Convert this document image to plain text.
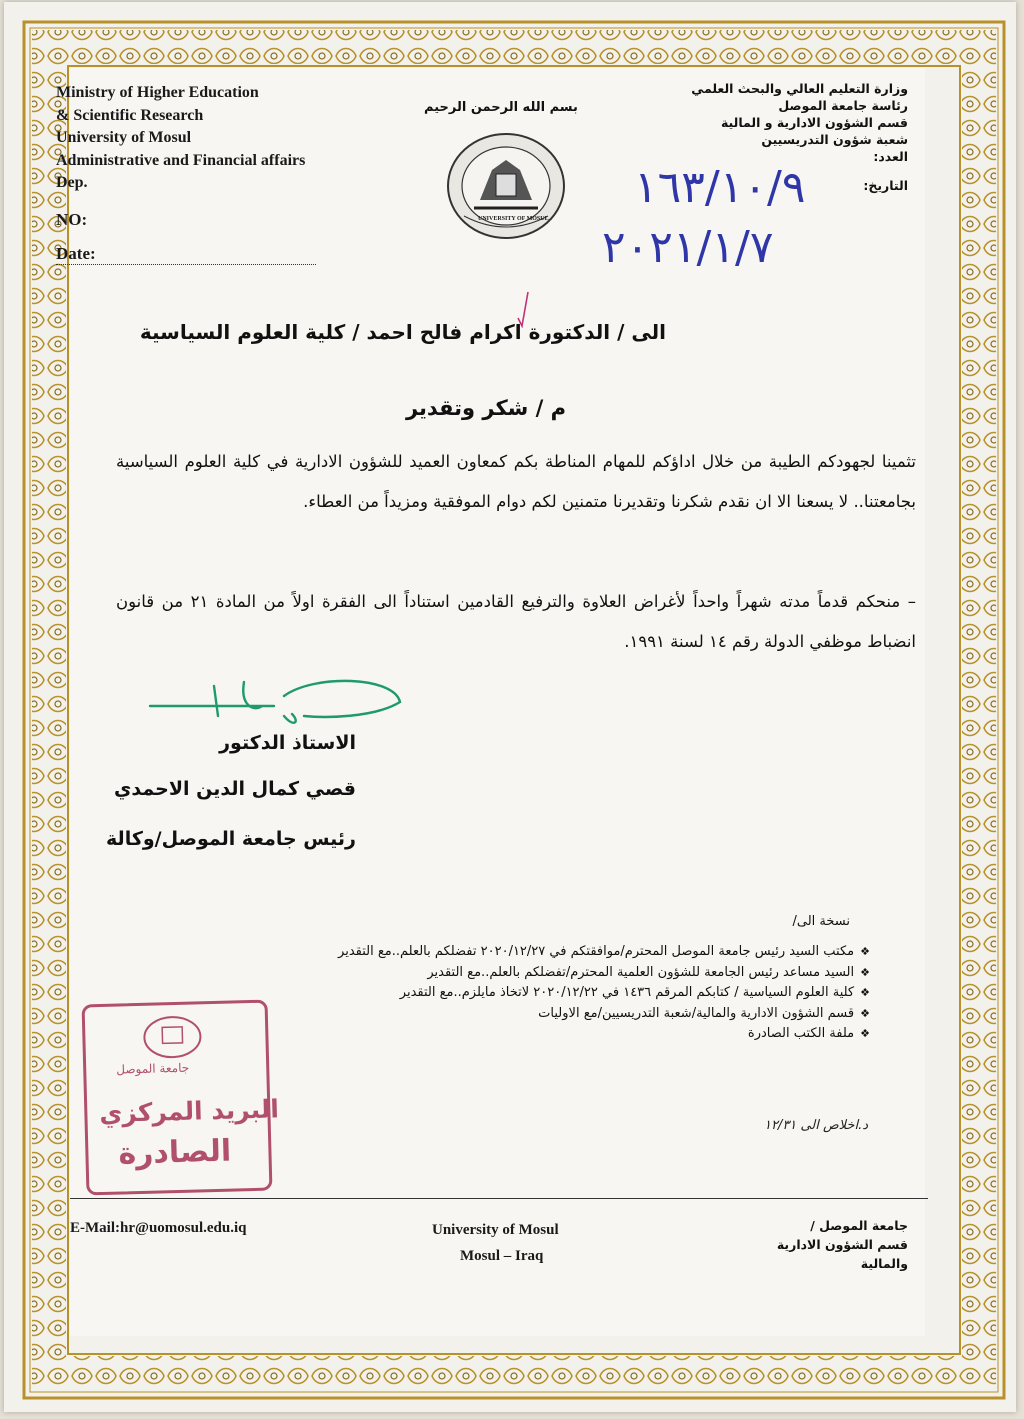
Ministry of Higher Education
& Scientific Research
University of Mosul
Administrative and Financial affairs
Dep.
NO:
Date:
بسم الله الرحمن الرحيم
UNIVERSITY OF MOSUL
وزارة التعليم العالي والبحث العلمي
رئاسة جامعة الموصل
قسم الشؤون الادارية و المالية
شعبة شؤون التدريسيين
العدد:
التاريخ:
١٦٣/١٠/٩
٢٠٢١/١/٧
الى / الدكتورة اكرام فالح احمد / كلية العلوم السياسية
م / شكر وتقدير
تثمينا لجهودكم الطيبة من خلال اداؤكم للمهام المناطة بكم كمعاون العميد للشؤون الادارية في كلية العلوم السياسية بجامعتنا.. لا يسعنا الا ان نقدم شكرنا وتقديرنا متمنين لكم دوام الموفقية ومزيداً من العطاء.
– منحكم قدماً مدته شهراً واحداً لأغراض العلاوة والترفيع القادمين استناداً الى الفقرة اولاً من المادة ٢١ من قانون انضباط موظفي الدولة رقم ١٤ لسنة ١٩٩١.
الاستاذ الدكتور
قصي كمال الدين الاحمدي
رئيس جامعة الموصل/وكالة
نسخة الى/
❖ مكتب السيد رئيس جامعة الموصل المحترم/موافقتكم في ٢٠٢٠/١٢/٢٧ تفضلكم بالعلم..مع التقدير
❖ السيد مساعد رئيس الجامعة للشؤون العلمية المحترم/تفضلكم بالعلم..مع التقدير
❖ كلية العلوم السياسية / كتابكم المرقم ١٤٣٦ في ٢٠٢٠/١٢/٢٢ لاتخاذ مايلزم..مع التقدير
❖ قسم الشؤون الادارية والمالية/شعبة التدريسيين/مع الاوليات
❖ ملفة الكتب الصادرة
جامعة الموصل
البريد المركزي
الصادرة
د.اخلاص الى ١٢/٣١
E-Mail:hr@uomosul.edu.iq	University of Mosul
Mosul – Iraq
جامعة الموصل /
قسم الشؤون الادارية
والمالية
